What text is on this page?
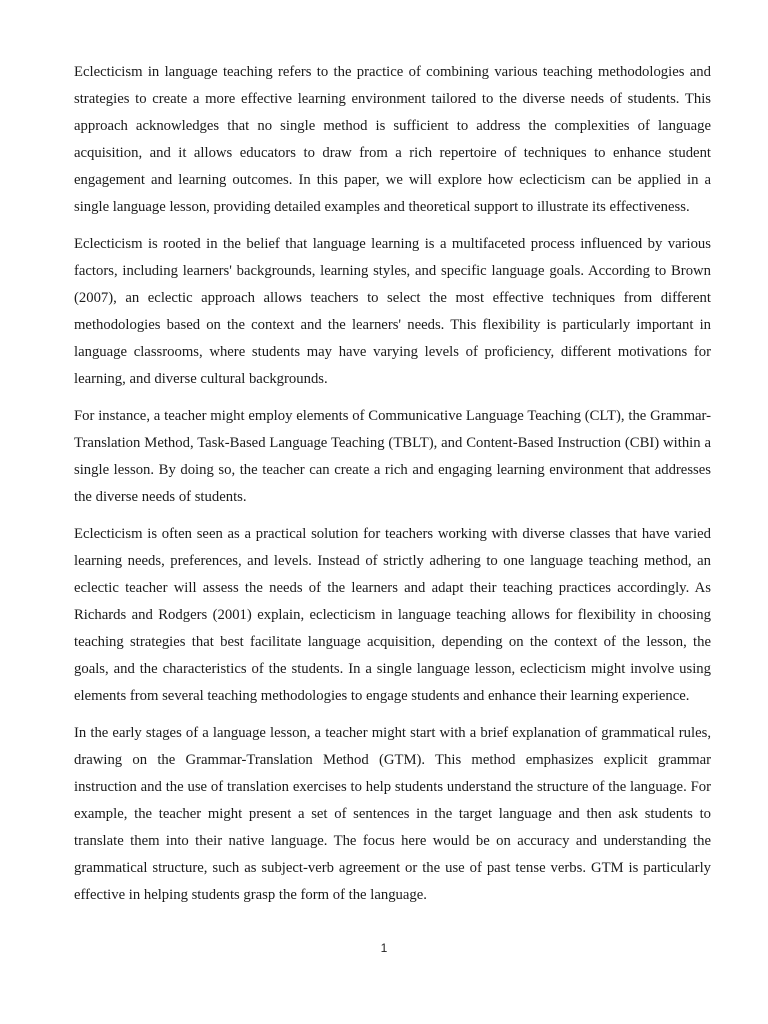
Eclecticism in language teaching refers to the practice of combining various teaching methodologies and strategies to create a more effective learning environment tailored to the diverse needs of students. This approach acknowledges that no single method is sufficient to address the complexities of language acquisition, and it allows educators to draw from a rich repertoire of techniques to enhance student engagement and learning outcomes. In this paper, we will explore how eclecticism can be applied in a single language lesson, providing detailed examples and theoretical support to illustrate its effectiveness.

Eclecticism is rooted in the belief that language learning is a multifaceted process influenced by various factors, including learners' backgrounds, learning styles, and specific language goals. According to Brown (2007), an eclectic approach allows teachers to select the most effective techniques from different methodologies based on the context and the learners' needs. This flexibility is particularly important in language classrooms, where students may have varying levels of proficiency, different motivations for learning, and diverse cultural backgrounds.

For instance, a teacher might employ elements of Communicative Language Teaching (CLT), the Grammar-Translation Method, Task-Based Language Teaching (TBLT), and Content-Based Instruction (CBI) within a single lesson. By doing so, the teacher can create a rich and engaging learning environment that addresses the diverse needs of students.

Eclecticism is often seen as a practical solution for teachers working with diverse classes that have varied learning needs, preferences, and levels. Instead of strictly adhering to one language teaching method, an eclectic teacher will assess the needs of the learners and adapt their teaching practices accordingly. As Richards and Rodgers (2001) explain, eclecticism in language teaching allows for flexibility in choosing teaching strategies that best facilitate language acquisition, depending on the context of the lesson, the goals, and the characteristics of the students. In a single language lesson, eclecticism might involve using elements from several teaching methodologies to engage students and enhance their learning experience.

In the early stages of a language lesson, a teacher might start with a brief explanation of grammatical rules, drawing on the Grammar-Translation Method (GTM). This method emphasizes explicit grammar instruction and the use of translation exercises to help students understand the structure of the language. For example, the teacher might present a set of sentences in the target language and then ask students to translate them into their native language. The focus here would be on accuracy and understanding the grammatical structure, such as subject-verb agreement or the use of past tense verbs. GTM is particularly effective in helping students grasp the form of the language.

1
